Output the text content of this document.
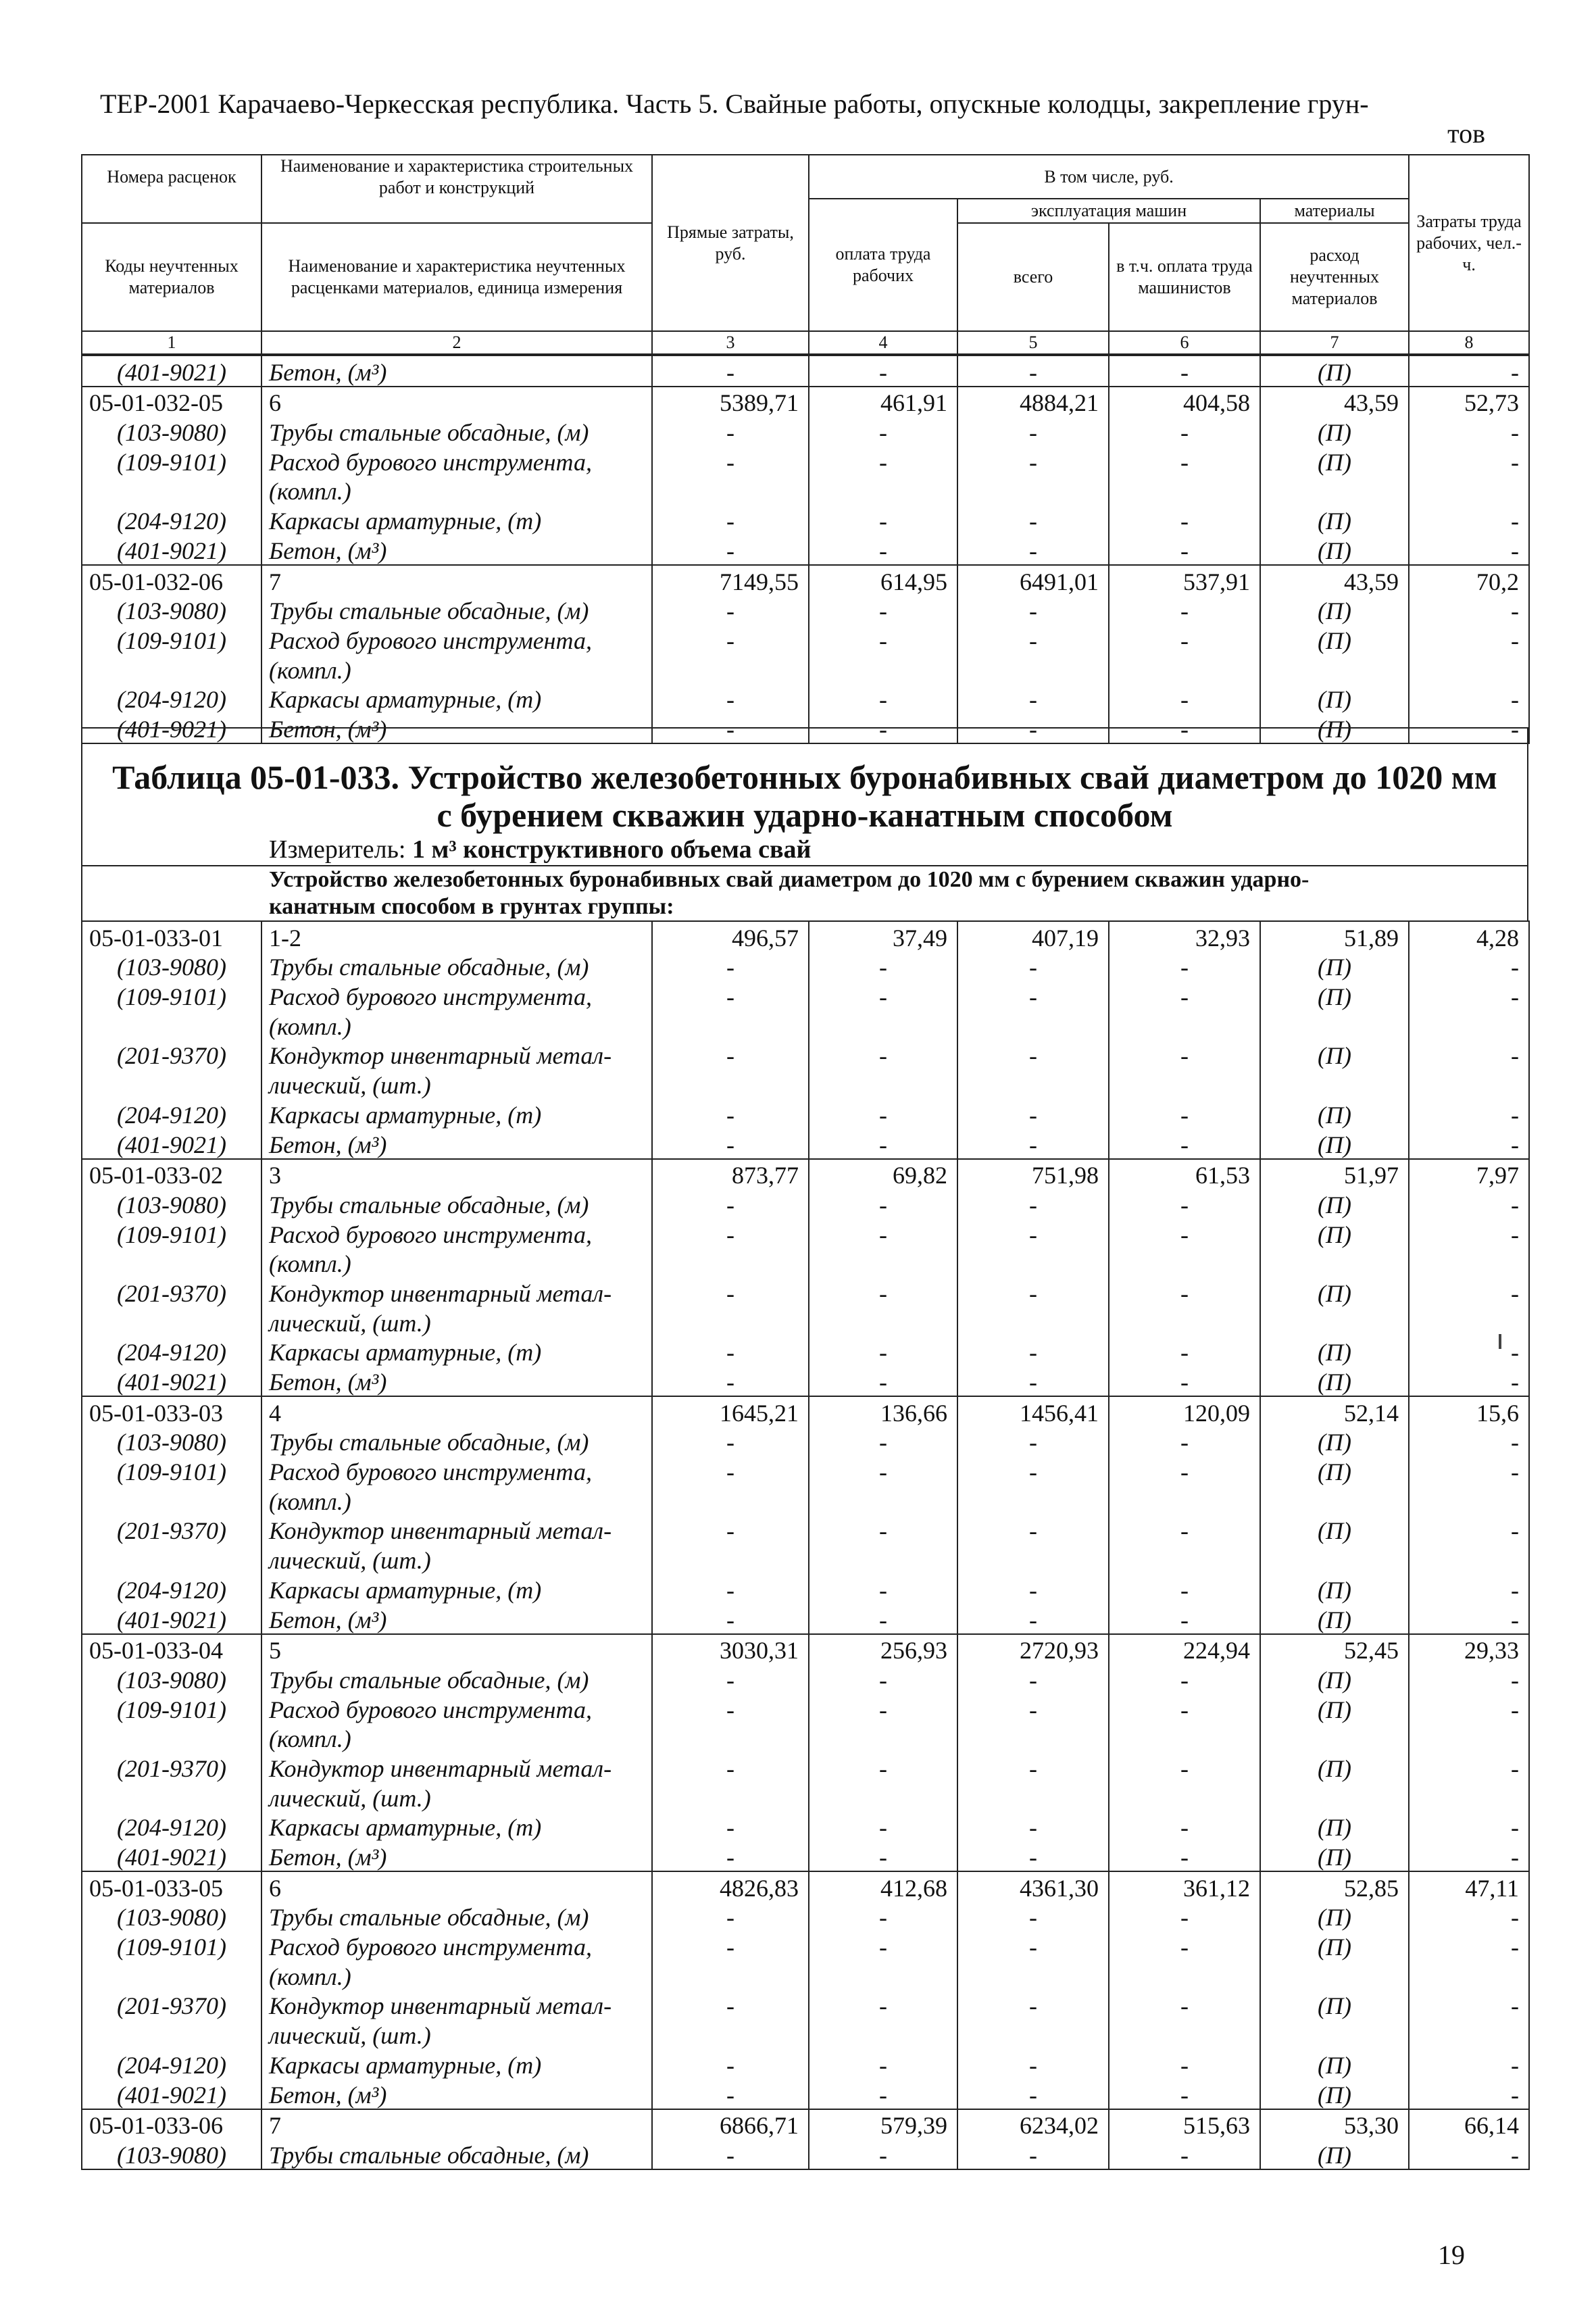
ТЕР-2001 Карачаево-Черкесская республика. Часть 5. Свайные работы, опускные колодцы, закрепление грун-
тов
Номера расценок	Наименование и характеристика строительных работ и конструкций	Прямые затраты, руб.	В том числе, руб.				Затраты труда рабочих, чел.-ч.
			оплата труда рабочих	эксплуатация машин		материалы	
Коды неучтенных материалов	Наименование и характеристика неучтенных расценками материалов, единица измерения			всего	в т.ч. оплата труда машинистов	расход неучтенных материалов	
1	2	3	4	5	6	7	8
(401-9021)	Бетон, (м³)	-	-	-	-	(П)	-
05-01-032-05	6	5389,71	461,91	4884,21	404,58	43,59	52,73
(103-9080)	Трубы стальные обсадные, (м)	-	-	-	-	(П)	-
(109-9101)	Расход бурового инструмента,	-	-	-	-	(П)	-
	(компл.)						
(204-9120)	Каркасы арматурные, (т)	-	-	-	-	(П)	-
(401-9021)	Бетон, (м³)	-	-	-	-	(П)	-
05-01-032-06	7	7149,55	614,95	6491,01	537,91	43,59	70,2
(103-9080)	Трубы стальные обсадные, (м)	-	-	-	-	(П)	-
(109-9101)	Расход бурового инструмента,	-	-	-	-	(П)	-
	(компл.)						
(204-9120)	Каркасы арматурные, (т)	-	-	-	-	(П)	-
(401-9021)	Бетон, (м³)	-	-	-	-	(П)	-
Таблица 05-01-033. Устройство железобетонных буронабивных свай диаметром до 1020 мм
с бурением скважин ударно-канатным способом
Измеритель: 1 м³ конструктивного объема свай
Устройство железобетонных буронабивных свай диаметром до 1020 мм с бурением скважин ударно-
канатным способом в грунтах группы:
05-01-033-01	1-2	496,57	37,49	407,19	32,93	51,89	4,28
(103-9080)	Трубы стальные обсадные, (м)	-	-	-	-	(П)	-
(109-9101)	Расход бурового инструмента,	-	-	-	-	(П)	-
	(компл.)						
(201-9370)	Кондуктор инвентарный метал-	-	-	-	-	(П)	-
	лический, (шт.)						
(204-9120)	Каркасы арматурные, (т)	-	-	-	-	(П)	-
(401-9021)	Бетон, (м³)	-	-	-	-	(П)	-
05-01-033-02	3	873,77	69,82	751,98	61,53	51,97	7,97
(103-9080)	Трубы стальные обсадные, (м)	-	-	-	-	(П)	-
(109-9101)	Расход бурового инструмента,	-	-	-	-	(П)	-
	(компл.)						
(201-9370)	Кондуктор инвентарный метал-	-	-	-	-	(П)	-
	лический, (шт.)						
(204-9120)	Каркасы арматурные, (т)	-	-	-	-	(П)	-
(401-9021)	Бетон, (м³)	-	-	-	-	(П)	-
05-01-033-03	4	1645,21	136,66	1456,41	120,09	52,14	15,6
(103-9080)	Трубы стальные обсадные, (м)	-	-	-	-	(П)	-
(109-9101)	Расход бурового инструмента,	-	-	-	-	(П)	-
	(компл.)						
(201-9370)	Кондуктор инвентарный метал-	-	-	-	-	(П)	-
	лический, (шт.)						
(204-9120)	Каркасы арматурные, (т)	-	-	-	-	(П)	-
(401-9021)	Бетон, (м³)	-	-	-	-	(П)	-
05-01-033-04	5	3030,31	256,93	2720,93	224,94	52,45	29,33
(103-9080)	Трубы стальные обсадные, (м)	-	-	-	-	(П)	-
(109-9101)	Расход бурового инструмента,	-	-	-	-	(П)	-
	(компл.)						
(201-9370)	Кондуктор инвентарный метал-	-	-	-	-	(П)	-
	лический, (шт.)						
(204-9120)	Каркасы арматурные, (т)	-	-	-	-	(П)	-
(401-9021)	Бетон, (м³)	-	-	-	-	(П)	-
05-01-033-05	6	4826,83	412,68	4361,30	361,12	52,85	47,11
(103-9080)	Трубы стальные обсадные, (м)	-	-	-	-	(П)	-
(109-9101)	Расход бурового инструмента,	-	-	-	-	(П)	-
	(компл.)						
(201-9370)	Кондуктор инвентарный метал-	-	-	-	-	(П)	-
	лический, (шт.)						
(204-9120)	Каркасы арматурные, (т)	-	-	-	-	(П)	-
(401-9021)	Бетон, (м³)	-	-	-	-	(П)	-
05-01-033-06	7	6866,71	579,39	6234,02	515,63	53,30	66,14
(103-9080)	Трубы стальные обсадные, (м)	-	-	-	-	(П)	-
19
